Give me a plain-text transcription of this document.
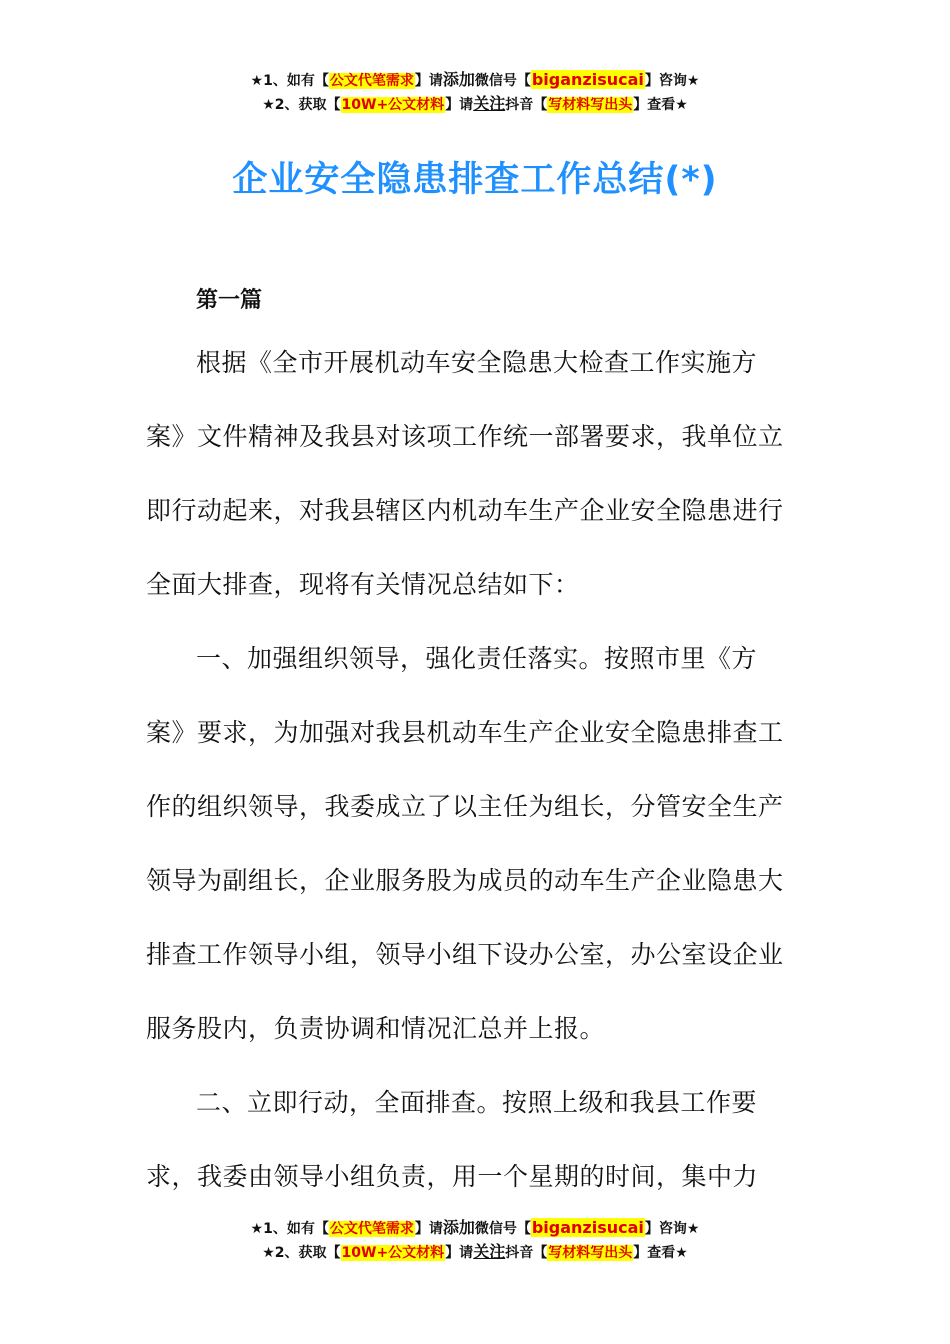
★1、如有【公文代笔需求】请添加微信号【biganzisucai】咨询★
★2、获取【10W+公文材料】请关注抖音【写材料写出头】查看★
企业安全隐患排查工作总结(*)
第一篇
根据《全市开展机动车安全隐患大检查工作实施方
案》文件精神及我县对该项工作统一部署要求，我单位立
即行动起来，对我县辖区内机动车生产企业安全隐患进行
全面大排查，现将有关情况总结如下：
一、加强组织领导，强化责任落实。按照市里《方
案》要求，为加强对我县机动车生产企业安全隐患排查工
作的组织领导，我委成立了以主任为组长，分管安全生产
领导为副组长，企业服务股为成员的动车生产企业隐患大
排查工作领导小组，领导小组下设办公室，办公室设企业
服务股内，负责协调和情况汇总并上报。
二、立即行动，全面排查。按照上级和我县工作要
求，我委由领导小组负责，用一个星期的时间，集中力
★1、如有【公文代笔需求】请添加微信号【biganzisucai】咨询★
★2、获取【10W+公文材料】请关注抖音【写材料写出头】查看★
